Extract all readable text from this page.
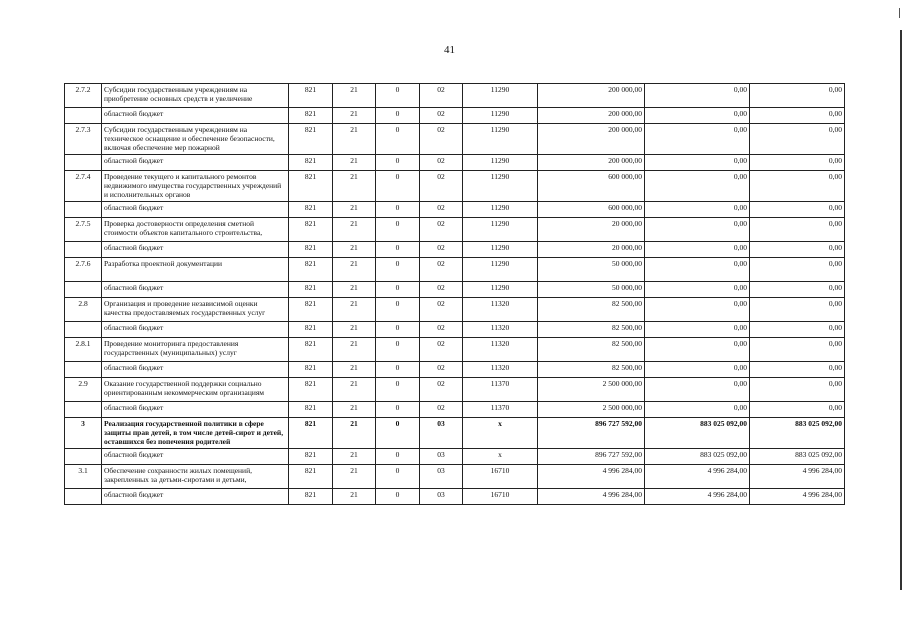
41
2.7.2	Субсидии государственным учреждениям на приобретение основных средств и увеличение	821	21	0	02	11290	200 000,00	0,00	0,00
	областной бюджет	821	21	0	02	11290	200 000,00	0,00	0,00
2.7.3	Субсидии государственным учреждениям на техническое оснащение и обеспечение безопасности, включая обеспечение мер пожарной	821	21	0	02	11290	200 000,00	0,00	0,00
	областной бюджет	821	21	0	02	11290	200 000,00	0,00	0,00
2.7.4	Проведение текущего и капитального ремонтов недвижимого имущества государственных учреждений и исполнительных органов	821	21	0	02	11290	600 000,00	0,00	0,00
	областной бюджет	821	21	0	02	11290	600 000,00	0,00	0,00
2.7.5	Проверка достоверности определения сметной стоимости объектов капитального строительства,	821	21	0	02	11290	20 000,00	0,00	0,00
	областной бюджет	821	21	0	02	11290	20 000,00	0,00	0,00
2.7.6	Разработка проектной документации	821	21	0	02	11290	50 000,00	0,00	0,00
	областной бюджет	821	21	0	02	11290	50 000,00	0,00	0,00
2.8	Организация и проведение независимой оценки качества предоставляемых государственных услуг	821	21	0	02	11320	82 500,00	0,00	0,00
	областной бюджет	821	21	0	02	11320	82 500,00	0,00	0,00
2.8.1	Проведение мониторинга предоставления государственных (муниципальных) услуг	821	21	0	02	11320	82 500,00	0,00	0,00
	областной бюджет	821	21	0	02	11320	82 500,00	0,00	0,00
2.9	Оказание государственной поддержки социально ориентированным некоммерческим организациям	821	21	0	02	11370	2 500 000,00	0,00	0,00
	областной бюджет	821	21	0	02	11370	2 500 000,00	0,00	0,00
3	Реализация государственной политики в сфере защиты прав детей, в том числе детей-сирот и детей, оставшихся без попечения родителей	821	21	0	03	х	896 727 592,00	883 025 092,00	883 025 092,00
	областной бюджет	821	21	0	03	х	896 727 592,00	883 025 092,00	883 025 092,00
3.1	Обеспечение сохранности жилых помещений, закрепленных за детьми-сиротами и детьми,	821	21	0	03	16710	4 996 284,00	4 996 284,00	4 996 284,00
	областной бюджет	821	21	0	03	16710	4 996 284,00	4 996 284,00	4 996 284,00
